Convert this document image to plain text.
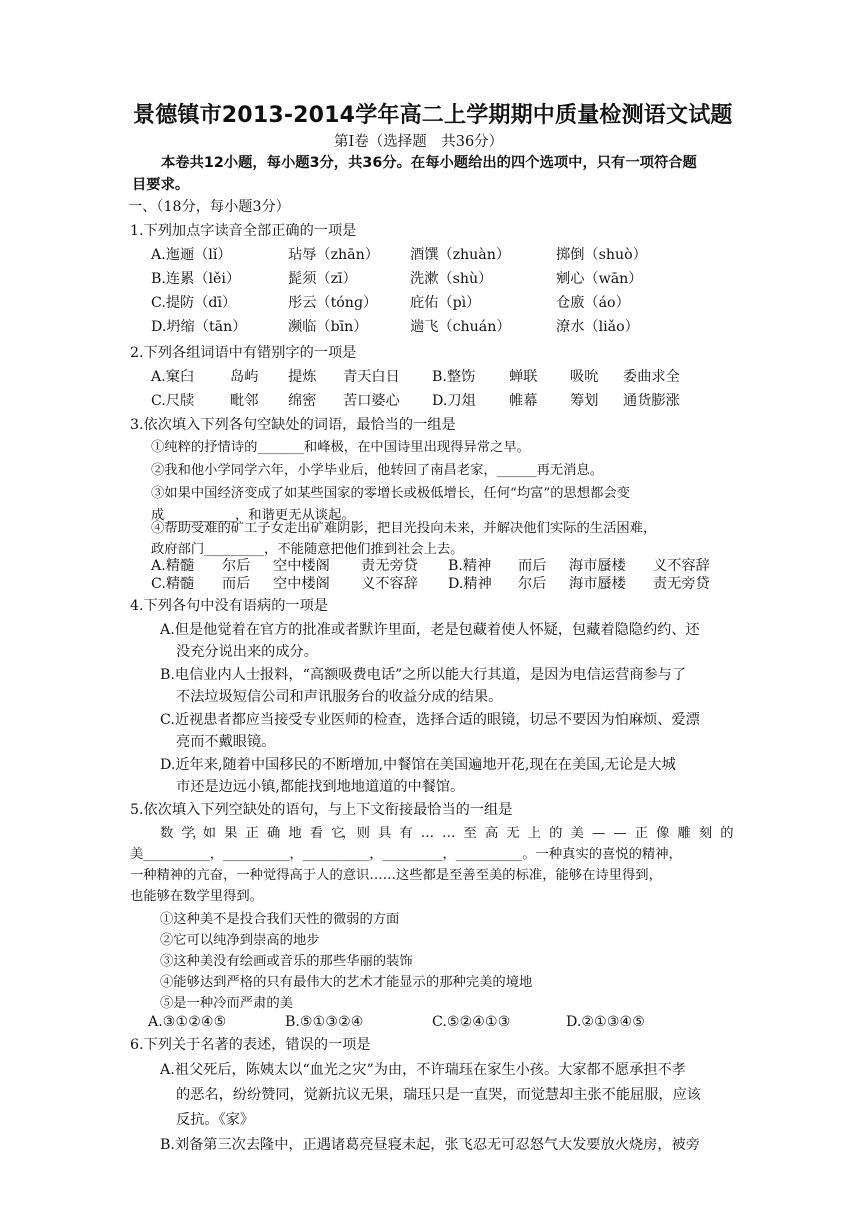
景德镇市2013-2014学年高二上学期期中质量检测语文试题
第Ⅰ卷（选择题　共36分）
本卷共12小题，每小题3分，共36分。在每小题给出的四个选项中，只有一项符合题
目要求。
一、（18分，每小题3分）
1.下列加点字读音全部正确的一项是
A.迤逦（lǐ）	玷辱（zhān） 酒馔（zhuàn）	掷倒（shuò）
B.连累（lěi）	髭须（zī）	洗漱（shù）	剜心（wān）
C.提防（dī）	彤云（tónɡ） 庇佑（pì）	仓廒（áo）
D.坍缩（tān）	濒临（bīn）	遄飞（chuán）	潦水（liǎo）
2.下列各组词语中有错别字的一项是
A.窠臼	岛屿 提炼 青天白日 B.整饬 蝉联 吸吮 委曲求全
C.尺牍	毗邻 绵密 苦口婆心 D.刀俎 帷幕 筹划 通货膨涨
3.依次填入下列各句空缺处的词语，最恰当的一组是
①纯粹的抒情诗的_______和峰极，在中国诗里出现得异常之早。
②我和他小学同学六年，小学毕业后，他转回了南昌老家，______再无消息。
③如果中国经济变成了如某些国家的零增长或极低增长，任何“均富”的思想都会变
成 __________，和谐更无从谈起。
④帮助受难的矿工子女走出矿难阴影，把目光投向未来，并解决他们实际的生活困难，
政府部门_________，不能随意把他们推到社会上去。
A.精髓 尔后 空中楼阁 责无旁贷 B.精神 而后 海市蜃楼 义不容辞
C.精髓 而后 空中楼阁 义不容辞 D.精神 尔后 海市蜃楼 责无旁贷
4.下列各句中没有语病的一项是
A.但是他觉着在官方的批准或者默许里面，老是包藏着使人怀疑，包藏着隐隐约约、还
没充分说出来的成分。
B.电信业内人士报料，“高额吸费电话”之所以能大行其道，是因为电信运营商参与了
不法垃圾短信公司和声讯服务台的收益分成的结果。
C.近视患者都应当接受专业医师的检查，选择合适的眼镜，切忌不要因为怕麻烦、爱漂
亮而不戴眼镜。
D.近年来,随着中国移民的不断增加,中餐馆在美国遍地开花,现在在美国,无论是大城
市还是边远小镇,都能找到地地道道的中餐馆。
5.依次填入下列空缺处的语句，与上下文衔接最恰当的一组是
数　学，如　果　正　确　地　看　它，　则　具　有　…　…　至　高　无　上　的　美　—　—　正　像　雕　刻　的
美__________，__________，__________，_________，__________。一种真实的喜悦的精神，
一种精神的亢奋，一种觉得高于人的意识……这些都是至善至美的标准，能够在诗里得到，
也能够在数学里得到。
①这种美不是投合我们天性的微弱的方面
②它可以纯净到崇高的地步
③这种美没有绘画或音乐的那些华丽的装饰
④能够达到严格的只有最伟大的艺术才能显示的那种完美的境地
⑤是一种冷而严肃的美
A.③①②④⑤	B.⑤①③②④	C.⑤②④①③	D.②①③④⑤
6.下列关于名著的表述，错误的一项是
A.祖父死后，陈姨太以“血光之灾”为由，不许瑞珏在家生小孩。大家都不愿承担不孝
的恶名，纷纷赞同，觉新抗议无果，瑞珏只是一直哭，而觉慧却主张不能屈服，应该
反抗。《家》
B.刘备第三次去隆中，正遇诸葛亮昼寝未起，张飞忍无可忍怒气大发要放火烧房，被旁
